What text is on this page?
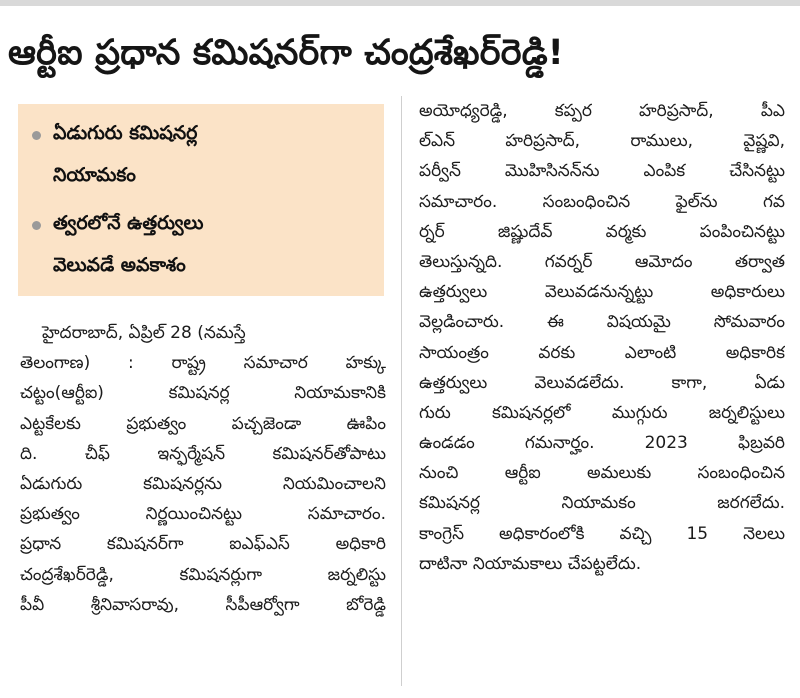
ఆర్టీఐ ప్రధాన కమిషనర్‌గా చంద్రశేఖర్‌రెడ్డి!
ఏడుగురు కమిషనర్ల
నియామకం
త్వరలోనే ఉత్తర్వులు
వెలువడే అవకాశం
హైదరాబాద్‌, ఏప్రిల్‌ 28 (నమస్తే
తెలంగాణ) : రాష్ట్ర సమాచార హక్కు
చట్టం(ఆర్టీఐ) కమిషనర్ల నియామకానికి
ఎట్టకేలకు ప్రభుత్వం పచ్చజెండా ఊపిం
ది. చీఫ్‌ ఇన్ఫర్మేషన్‌ కమిషనర్‌తోపాటు
ఏడుగురు కమిషనర్లను నియమించాలని
ప్రభుత్వం నిర్ణయించినట్టు సమాచారం.
ప్రధాన కమిషనర్‌గా ఐఎఫ్‌ఎస్‌ అధికారి
చంద్రశేఖర్‌రెడ్డి, కమిషనర్లుగా జర్నలిస్టు
పీవీ శ్రీనివాసరావు, సీపీఆర్వోగా బోరెడ్డి
అయోధ్యరెడ్డి, కప్పర హరిప్రసాద్‌, పీఎ
ల్‌ఎన్‌ హరిప్రసాద్‌, రాములు, వైష్ణవి,
పర్వీన్‌ మొహిసినన్‌ను ఎంపిక చేసినట్టు
సమాచారం. సంబంధించిన ఫైల్‌ను గవ
ర్నర్‌ జిష్ణుదేవ్‌ వర్మకు పంపించినట్టు
తెలుస్తున్నది. గవర్నర్‌ ఆమోదం తర్వాత
ఉత్తర్వులు వెలువడనున్నట్టు అధికారులు
వెల్లడించారు. ఈ విషయమై సోమవారం
సాయంత్రం వరకు ఎలాంటి అధికారిక
ఉత్తర్వులు వెలువడలేదు. కాగా, ఏడు
గురు కమిషనర్లలో ముగ్గురు జర్నలిస్టులు
ఉండడం గమనార్హం. 2023 ఫిబ్రవరి
నుంచి ఆర్టీఐ అమలుకు సంబంధించిన
కమిషనర్ల నియామకం జరగలేదు.
కాంగ్రెస్‌ అధికారంలోకి వచ్చి 15 నెలలు
దాటినా నియామకాలు చేపట్టలేదు.
